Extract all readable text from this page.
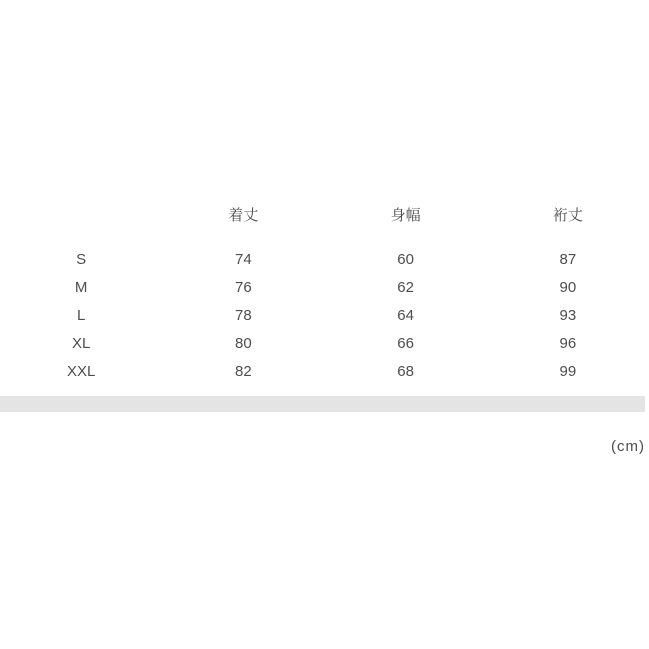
	着丈	身幅	裄丈
S	74	60	87
M	76	62	90
L	78	64	93
XL	80	66	96
XXL	82	68	99
(cm)
